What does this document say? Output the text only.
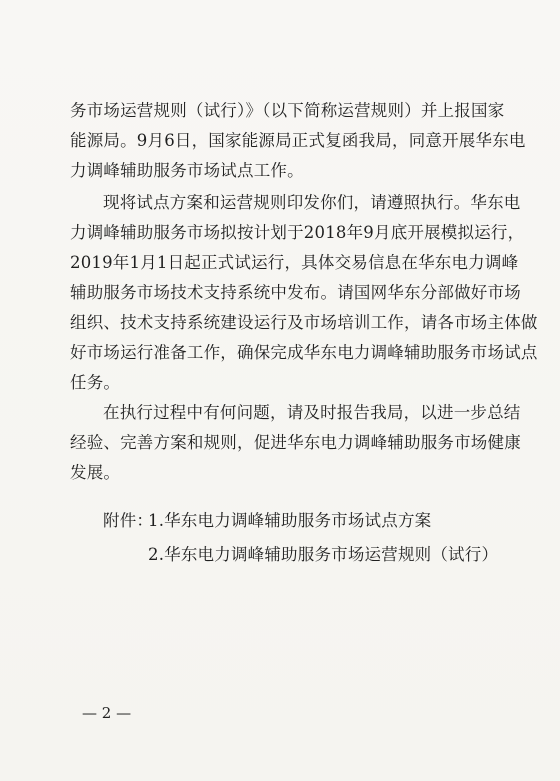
务市场运营规则（试行）》（以下简称运营规则）并上报国家
能源局。9月6日，国家能源局正式复函我局，同意开展华东电
力调峰辅助服务市场试点工作。

现将试点方案和运营规则印发你们，请遵照执行。华东电
力调峰辅助服务市场拟按计划于2018年9月底开展模拟运行，
2019年1月1日起正式试运行，具体交易信息在华东电力调峰
辅助服务市场技术支持系统中发布。请国网华东分部做好市场
组织、技术支持系统建设运行及市场培训工作，请各市场主体做
好市场运行准备工作，确保完成华东电力调峰辅助服务市场试点
任务。

在执行过程中有何问题，请及时报告我局，以进一步总结
经验、完善方案和规则，促进华东电力调峰辅助服务市场健康
发展。

附件：
1.华东电力调峰辅助服务市场试点方案
2.华东电力调峰辅助服务市场运营规则（试行）
— 2 —
